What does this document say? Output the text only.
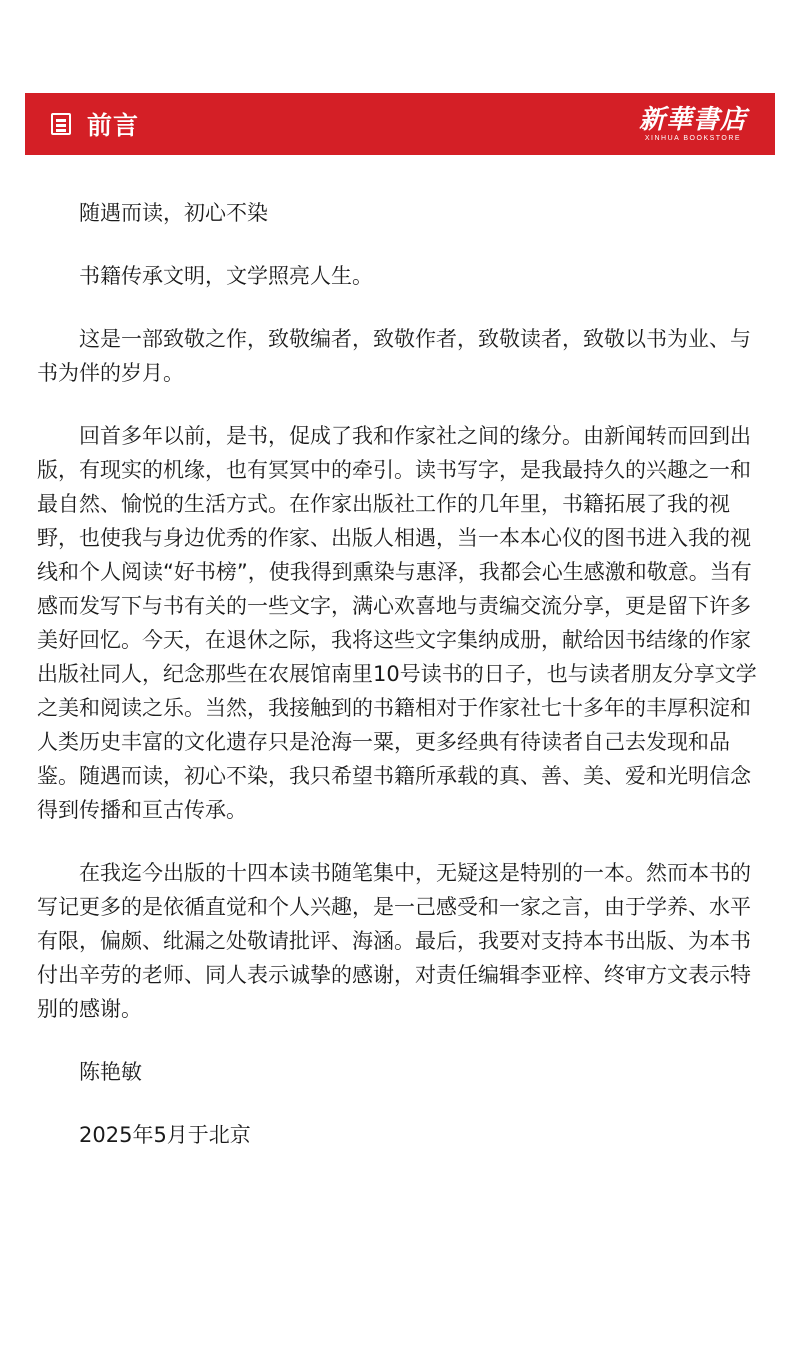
前言	新華書店
XINHUA BOOKSTORE

随遇而读，初心不染

书籍传承文明，文学照亮人生。

这是一部致敬之作，致敬编者，致敬作者，致敬读者，致敬以书为业、与书为伴的岁月。

回首多年以前，是书，促成了我和作家社之间的缘分。由新闻转而回到出版，有现实的机缘，也有冥冥中的牵引。读书写字，是我最持久的兴趣之一和最自然、愉悦的生活方式。在作家出版社工作的几年里，书籍拓展了我的视野，也使我与身边优秀的作家、出版人相遇，当一本本心仪的图书进入我的视线和个人阅读“好书榜”，使我得到熏染与惠泽，我都会心生感激和敬意。当有感而发写下与书有关的一些文字，满心欢喜地与责编交流分享，更是留下许多美好回忆。今天，在退休之际，我将这些文字集纳成册，献给因书结缘的作家出版社同人，纪念那些在农展馆南里10号读书的日子，也与读者朋友分享文学之美和阅读之乐。当然，我接触到的书籍相对于作家社七十多年的丰厚积淀和人类历史丰富的文化遗存只是沧海一粟，更多经典有待读者自己去发现和品鉴。随遇而读，初心不染，我只希望书籍所承载的真、善、美、爱和光明信念得到传播和亘古传承。

在我迄今出版的十四本读书随笔集中，无疑这是特别的一本。然而本书的写记更多的是依循直觉和个人兴趣，是一己感受和一家之言，由于学养、水平有限，偏颇、纰漏之处敬请批评、海涵。最后，我要对支持本书出版、为本书付出辛劳的老师、同人表示诚挚的感谢，对责任编辑李亚梓、终审方文表示特别的感谢。

陈艳敏

2025年5月于北京
